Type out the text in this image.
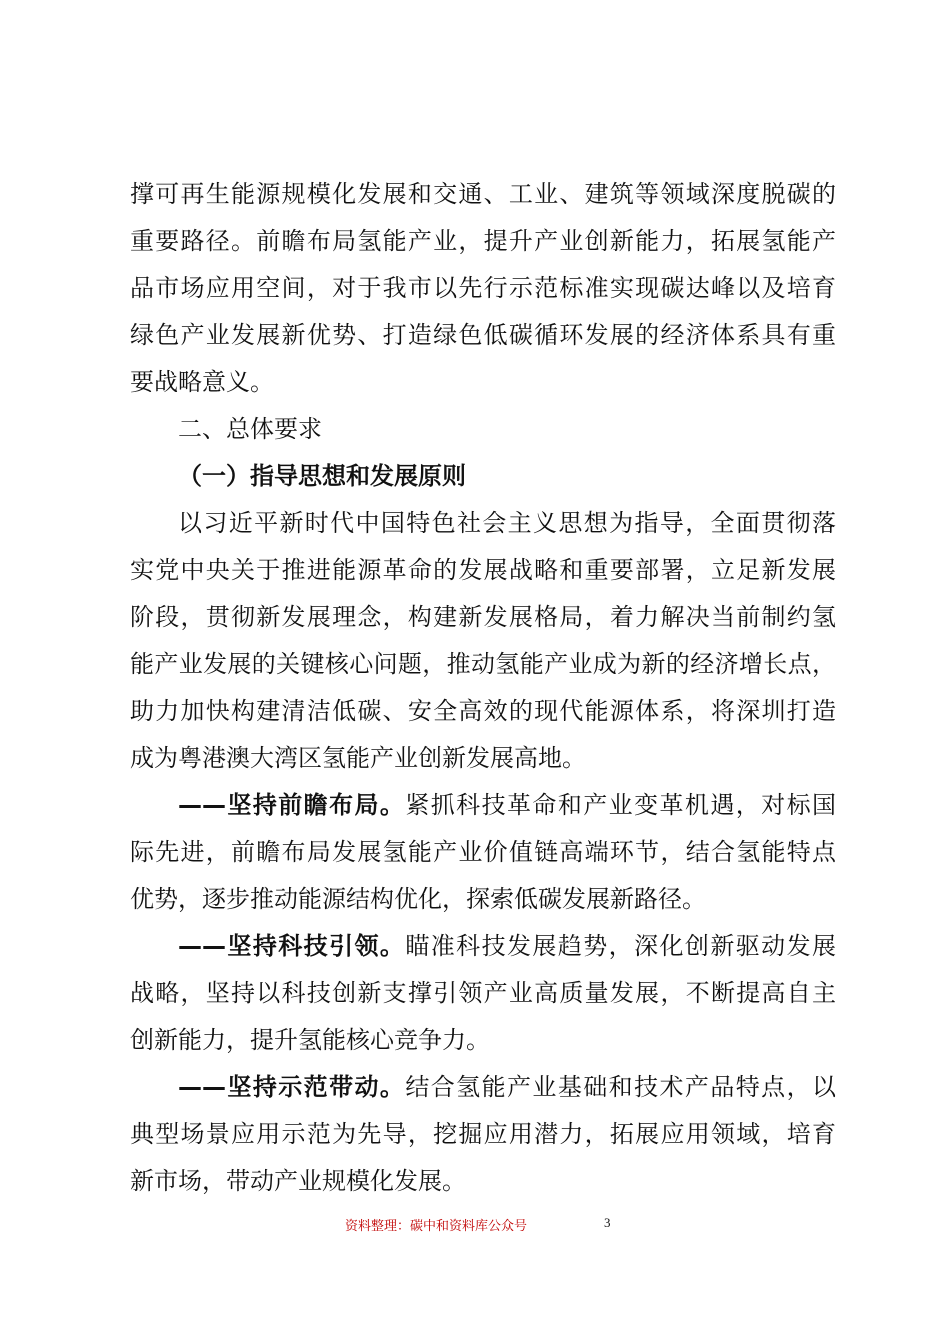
撑可再生能源规模化发展和交通、工业、建筑等领域深度脱碳的
重要路径。前瞻布局氢能产业，提升产业创新能力，拓展氢能产
品市场应用空间，对于我市以先行示范标准实现碳达峰以及培育
绿色产业发展新优势、打造绿色低碳循环发展的经济体系具有重
要战略意义。
二、总体要求
（一）指导思想和发展原则
以习近平新时代中国特色社会主义思想为指导，全面贯彻落
实党中央关于推进能源革命的发展战略和重要部署，立足新发展
阶段，贯彻新发展理念，构建新发展格局，着力解决当前制约氢
能产业发展的关键核心问题，推动氢能产业成为新的经济增长点，
助力加快构建清洁低碳、安全高效的现代能源体系，将深圳打造
成为粤港澳大湾区氢能产业创新发展高地。
——坚持前瞻布局。紧抓科技革命和产业变革机遇，对标国
际先进，前瞻布局发展氢能产业价值链高端环节，结合氢能特点
优势，逐步推动能源结构优化，探索低碳发展新路径。
——坚持科技引领。瞄准科技发展趋势，深化创新驱动发展
战略，坚持以科技创新支撑引领产业高质量发展，不断提高自主
创新能力，提升氢能核心竞争力。
——坚持示范带动。结合氢能产业基础和技术产品特点，以
典型场景应用示范为先导，挖掘应用潜力，拓展应用领域，培育
新市场，带动产业规模化发展。
资料整理：碳中和资料库公众号	3
